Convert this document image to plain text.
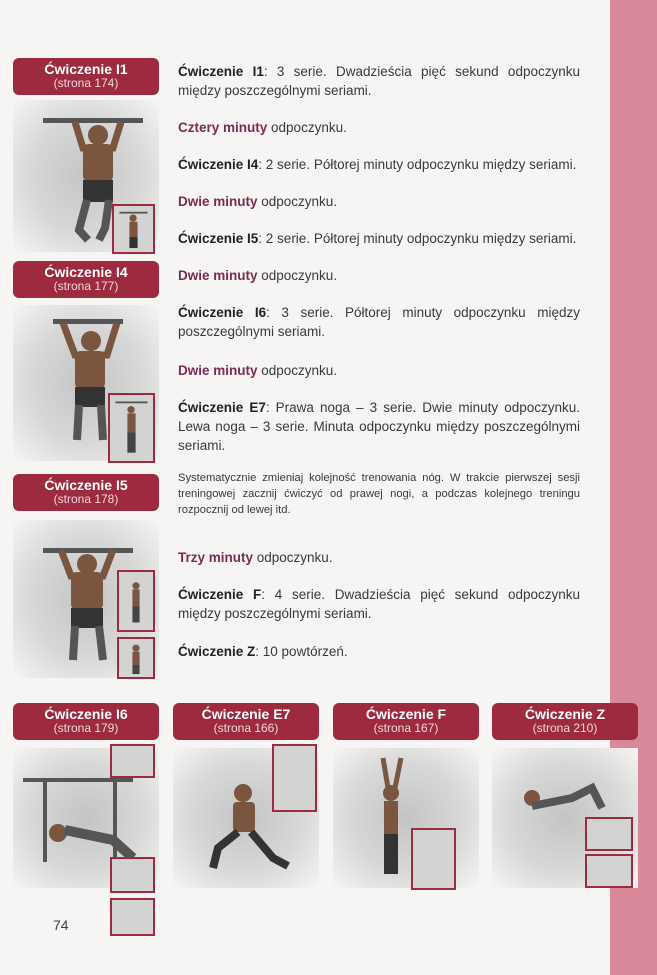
Ćwiczenie I1
(strona 174)
Ćwiczenie I4
(strona 177)
Ćwiczenie I5
(strona 178)

Ćwiczenie I1: 3 serie. Dwadzieścia pięć sekund odpoczynku między poszczególnymi seriami.

Cztery minuty odpoczynku.

Ćwiczenie I4: 2 serie. Półtorej minuty odpoczynku między seriami.

Dwie minuty odpoczynku.

Ćwiczenie I5: 2 serie. Półtorej minuty odpoczynku między seriami.

Dwie minuty odpoczynku.

Ćwiczenie I6: 3 serie. Półtorej minuty odpoczynku między poszczególnymi seriami.

Dwie minuty odpoczynku.

Ćwiczenie E7: Prawa noga – 3 serie. Dwie minuty odpoczynku. Lewa noga – 3 serie. Minuta odpoczynku między poszczególnymi seriami.

Systematycznie zmieniaj kolejność trenowania nóg. W trakcie pierwszej sesji treningowej zacznij ćwiczyć od prawej nogi, a podczas kolejnego treningu rozpocznij od lewej itd.

Trzy minuty odpoczynku.

Ćwiczenie F: 4 serie. Dwadzieścia pięć sekund odpoczynku między poszczególnymi seriami.

Ćwiczenie Z: 10 powtórzeń.

Ćwiczenie I6
(strona 179)
Ćwiczenie E7
(strona 166)
Ćwiczenie F
(strona 167)
Ćwiczenie Z
(strona 210)
74
